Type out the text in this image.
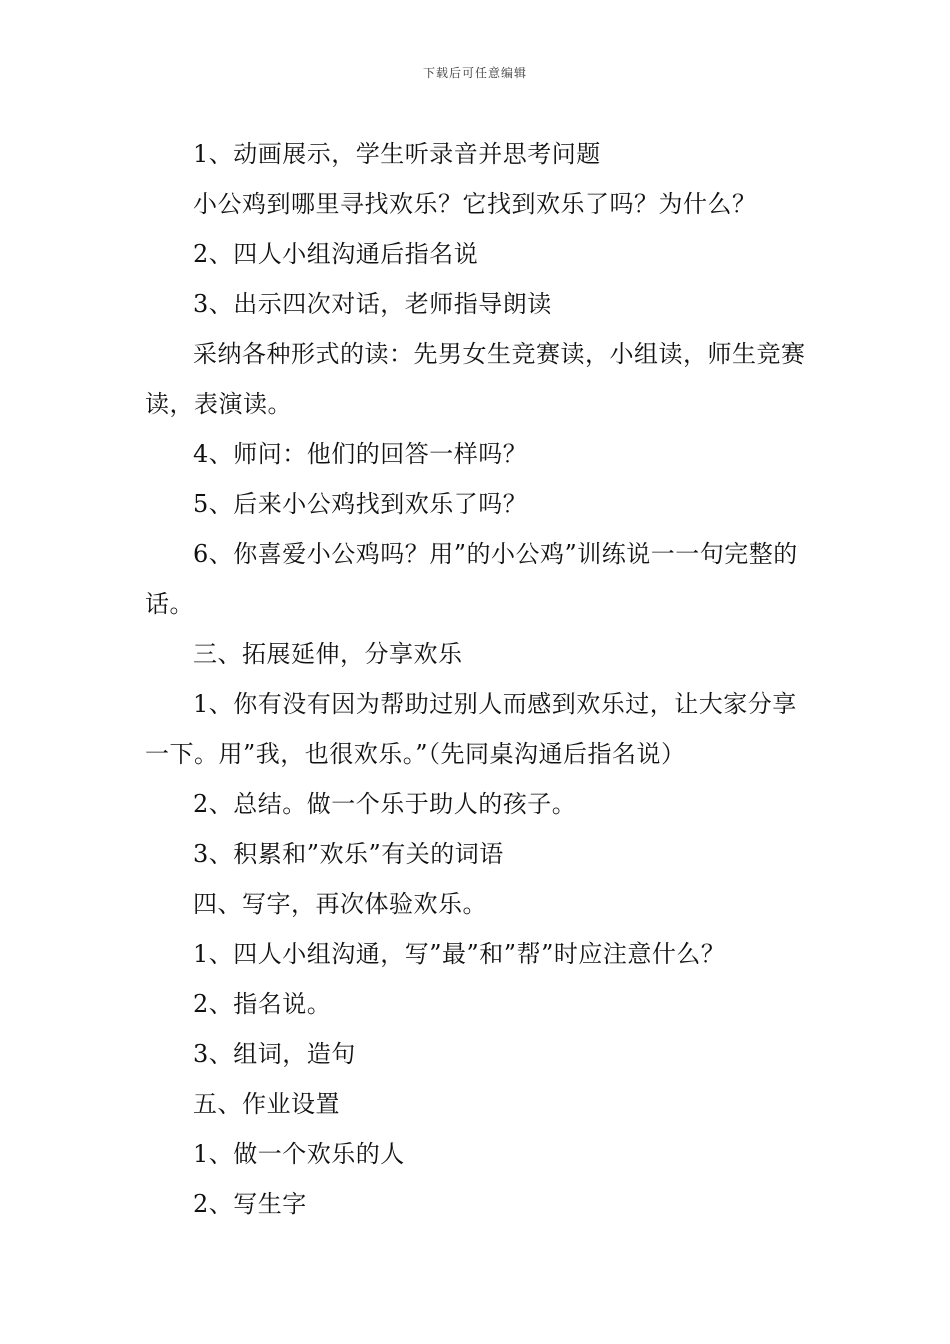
下载后可任意编辑

1、动画展示，学生听录音并思考问题

小公鸡到哪里寻找欢乐？它找到欢乐了吗？为什么？

2、四人小组沟通后指名说

3、出示四次对话，老师指导朗读

采纳各种形式的读：先男女生竞赛读，小组读，师生竞赛读，表演读。

4、师问：他们的回答一样吗？

5、后来小公鸡找到欢乐了吗？

6、你喜爱小公鸡吗？用”的小公鸡”训练说一一句完整的话。

三、拓展延伸，分享欢乐

1、你有没有因为帮助过别人而感到欢乐过，让大家分享一下。用”我，也很欢乐。”（先同桌沟通后指名说）

2、总结。做一个乐于助人的孩子。

3、积累和”欢乐”有关的词语

四、写字，再次体验欢乐。

1、四人小组沟通，写”最”和”帮”时应注意什么？

2、指名说。

3、组词，造句

五、作业设置

1、做一个欢乐的人

2、写生字
